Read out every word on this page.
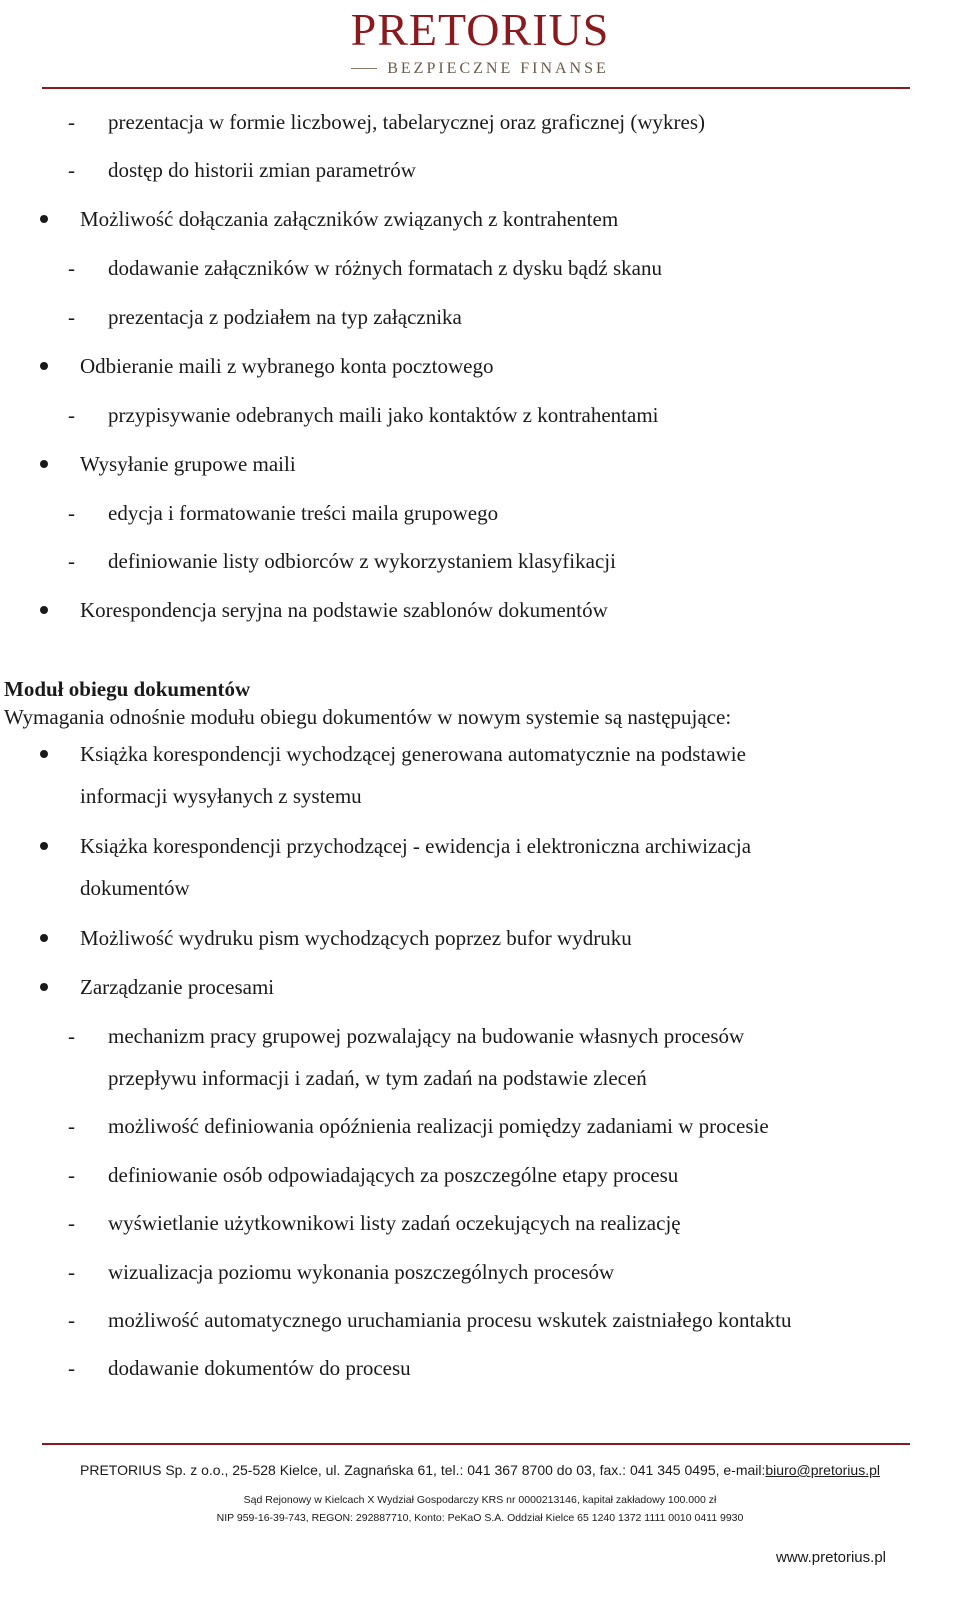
PRETORIUS
BEZPIECZNE FINANSE
- prezentacja w formie liczbowej, tabelarycznej oraz graficznej (wykres)
- dostęp do historii zmian parametrów
Możliwość dołączania załączników związanych z kontrahentem
- dodawanie załączników w różnych formatach z dysku bądź skanu
- prezentacja z podziałem na typ załącznika
Odbieranie maili z wybranego konta pocztowego
- przypisywanie odebranych maili jako kontaktów z kontrahentami
Wysyłanie grupowe maili
- edycja i formatowanie treści maila grupowego
- definiowanie listy odbiorców z wykorzystaniem klasyfikacji
Korespondencja seryjna na podstawie szablonów dokumentów
Moduł obiegu dokumentów
Wymagania odnośnie modułu obiegu dokumentów w nowym systemie są następujące:
Książka korespondencji wychodzącej generowana automatycznie na podstawie
informacji wysyłanych z systemu
Książka korespondencji przychodzącej - ewidencja i elektroniczna archiwizacja
dokumentów
Możliwość wydruku pism wychodzących poprzez bufor wydruku
Zarządzanie procesami
- mechanizm pracy grupowej pozwalający na budowanie własnych procesów
przepływu informacji i zadań, w tym zadań na podstawie zleceń
- możliwość definiowania opóźnienia realizacji pomiędzy zadaniami w procesie
- definiowanie osób odpowiadających za poszczególne etapy procesu
- wyświetlanie użytkownikowi listy zadań oczekujących na realizację
- wizualizacja poziomu wykonania poszczególnych procesów
- możliwość automatycznego uruchamiania procesu wskutek zaistniałego kontaktu
- dodawanie dokumentów do procesu
PRETORIUS Sp. z o.o., 25-528 Kielce, ul. Zagnańska 61, tel.: 041 367 8700 do 03, fax.: 041 345 0495, e-mail:biuro@pretorius.pl
Sąd Rejonowy w Kielcach X Wydział Gospodarczy KRS nr 0000213146, kapitał zakładowy 100.000 zł
NIP 959-16-39-743, REGON: 292887710, Konto: PeKaO S.A. Oddział Kielce 65 1240 1372 1111 0010 0411 9930
www.pretorius.pl
